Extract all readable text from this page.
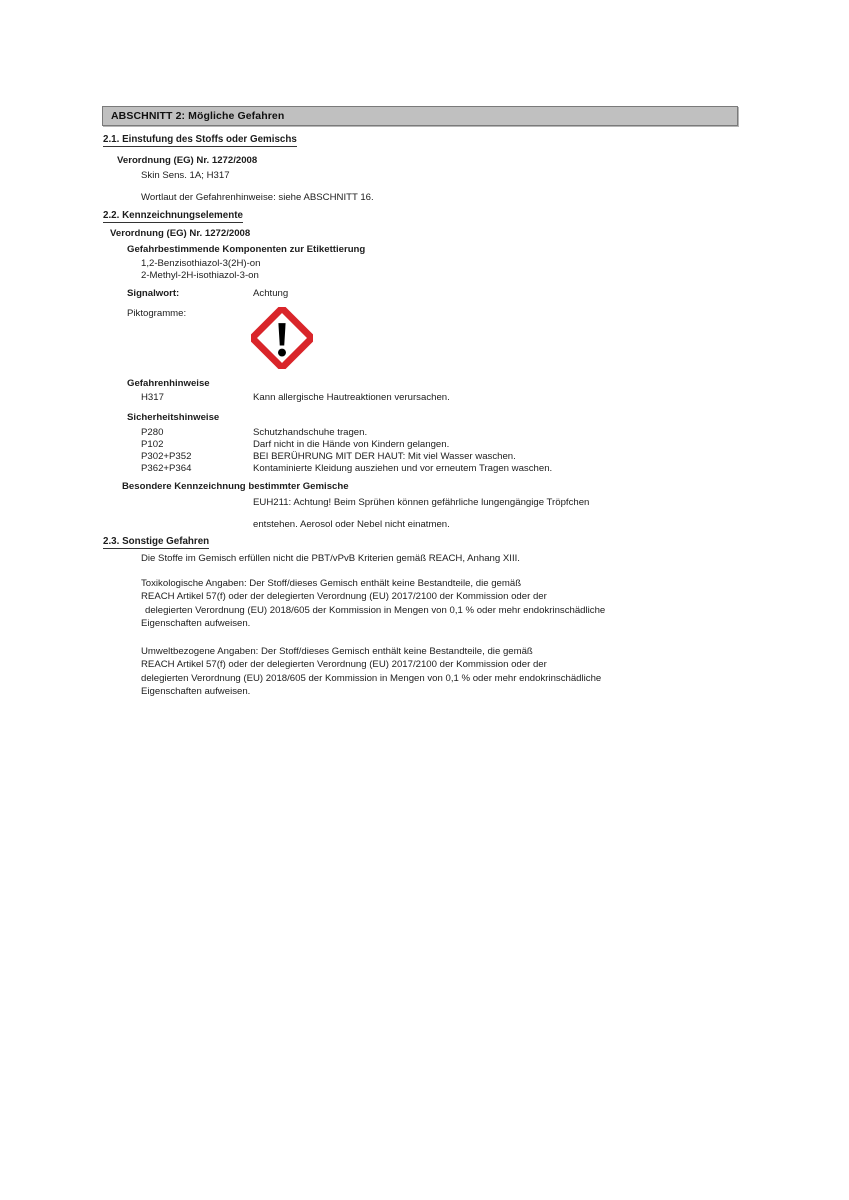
ABSCHNITT 2: Mögliche Gefahren
2.1. Einstufung des Stoffs oder Gemischs
Verordnung (EG) Nr. 1272/2008
Skin Sens. 1A; H317
Wortlaut der Gefahrenhinweise: siehe ABSCHNITT 16.
2.2. Kennzeichnungselemente
Verordnung (EG) Nr. 1272/2008
Gefahrbestimmende Komponenten zur Etikettierung
1,2-Benzisothiazol-3(2H)-on
2-Methyl-2H-isothiazol-3-on
Signalwort:	Achtung
Piktogramme:
Gefahrenhinweise
H317	Kann allergische Hautreaktionen verursachen.
Sicherheitshinweise
P280	Schutzhandschuhe tragen.
P102	Darf nicht in die Hände von Kindern gelangen.
P302+P352	BEI BERÜHRUNG MIT DER HAUT: Mit viel Wasser waschen.
P362+P364	Kontaminierte Kleidung ausziehen und vor erneutem Tragen waschen.
Besondere Kennzeichnung bestimmter Gemische
EUH211: Achtung! Beim Sprühen können gefährliche lungengängige Tröpfchen
entstehen. Aerosol oder Nebel nicht einatmen.
2.3. Sonstige Gefahren
Die Stoffe im Gemisch erfüllen nicht die PBT/vPvB Kriterien gemäß REACH, Anhang XIII.
Toxikologische Angaben: Der Stoff/dieses Gemisch enthält keine Bestandteile, die gemäß
REACH Artikel 57(f) oder der delegierten Verordnung (EU) 2017/2100 der Kommission oder der
delegierten Verordnung (EU) 2018/605 der Kommission in Mengen von 0,1 % oder mehr endokrinschädliche
Eigenschaften aufweisen.
Umweltbezogene Angaben: Der Stoff/dieses Gemisch enthält keine Bestandteile, die gemäß
REACH Artikel 57(f) oder der delegierten Verordnung (EU) 2017/2100 der Kommission oder der
delegierten Verordnung (EU) 2018/605 der Kommission in Mengen von 0,1 % oder mehr endokrinschädliche
Eigenschaften aufweisen.
